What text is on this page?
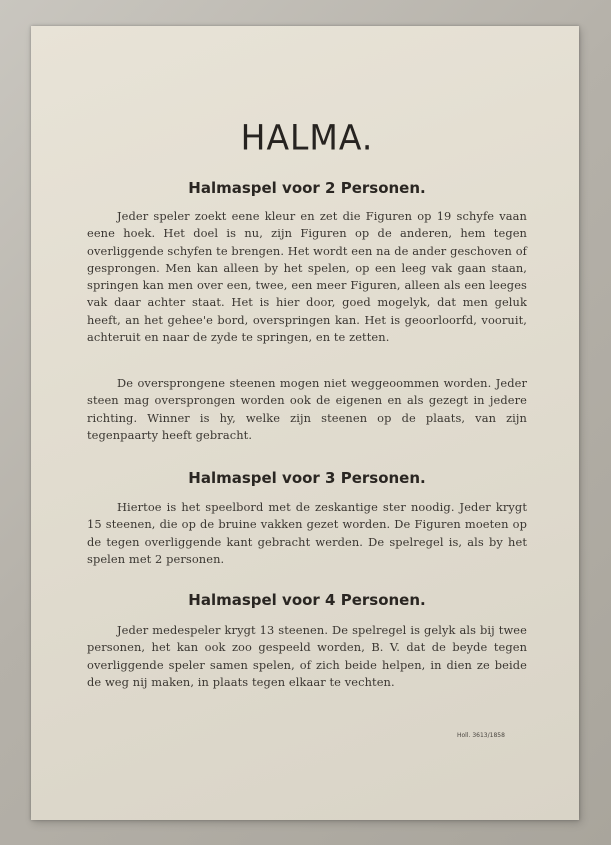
HALMA.
Halmaspel voor 2 Personen.
Jeder speler zoekt eene kleur en zet die Figuren op 19 schyfe vaan eene hoek. Het doel is nu, zijn Figuren op de anderen, hem tegen overliggende schyfen te brengen. Het wordt een na de ander geschoven of gesprongen. Men kan alleen by het spelen, op een leeg vak gaan staan, springen kan men over een, twee, een meer Figuren, alleen als een leeges vak daar achter staat. Het is hier door, goed mogelyk, dat men geluk heeft, an het gehee'e bord, overspringen kan. Het is geoorloorfd, vooruit, achteruit en naar de zyde te springen, en te zetten.
De oversprongene steenen mogen niet weggeoommen worden. Jeder steen mag oversprongen worden ook de eigenen en als gezegt in jedere richting. Winner is hy, welke zijn steenen op de plaats, van zijn tegenpaarty heeft gebracht.
Halmaspel voor 3 Personen.
Hiertoe is het speelbord met de zeskantige ster noodig. Jeder krygt 15 steenen, die op de bruine vakken gezet worden. De Figuren moeten op de tegen overliggende kant gebracht werden. De spelregel is, als by het spelen met 2 personen.
Halmaspel voor 4 Personen.
Jeder medespeler krygt 13 steenen. De spelregel is gelyk als bij twee personen, het kan ook zoo gespeeld worden, B. V. dat de beyde tegen overliggende speler samen spelen, of zich beide helpen, in dien ze beide de weg nij maken, in plaats tegen elkaar te vechten.
Holl. 3613/1858
